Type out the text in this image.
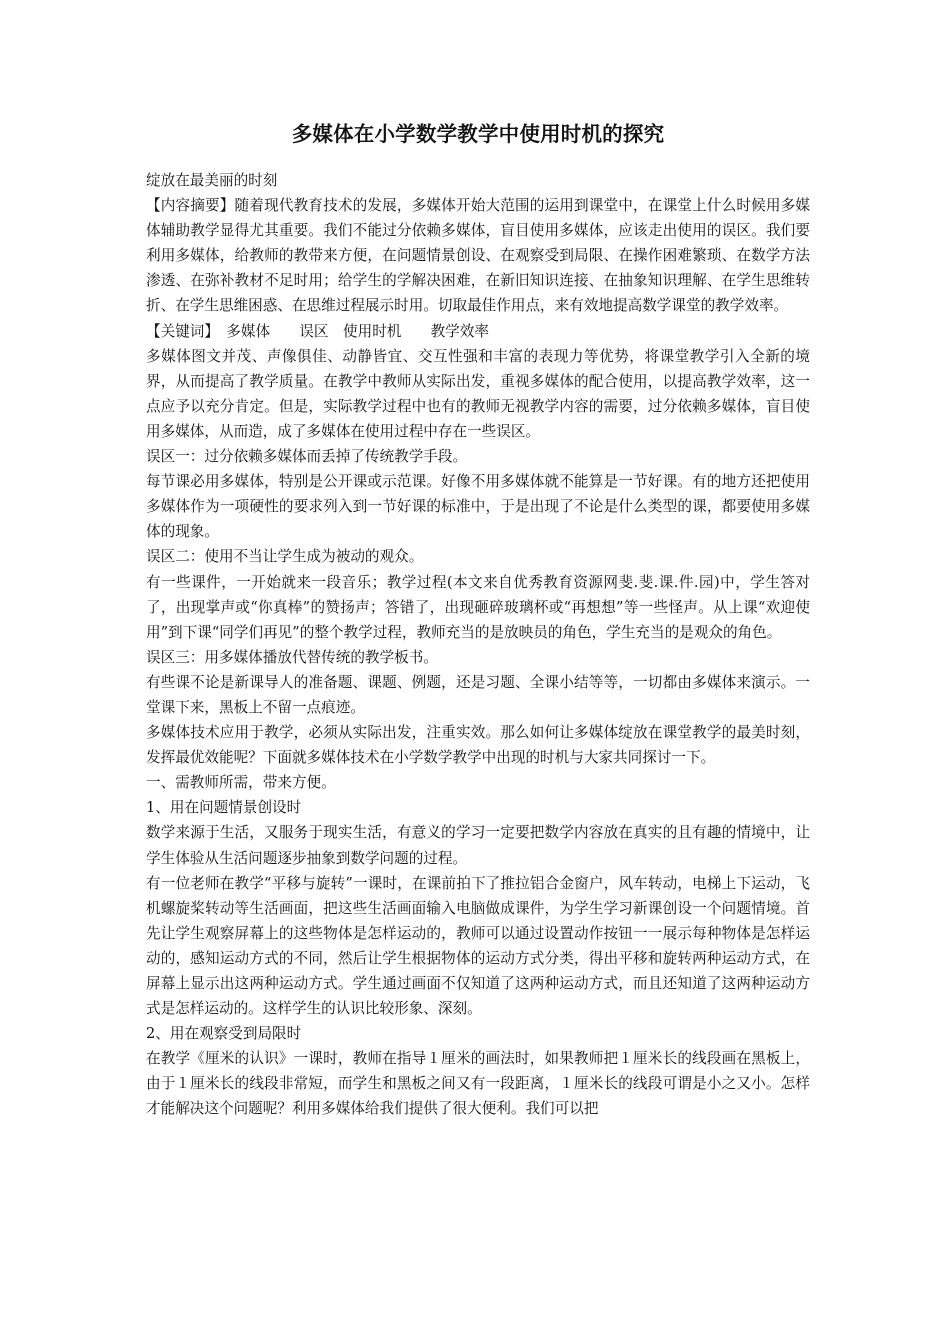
多媒体在小学数学教学中使用时机的探究

绽放在最美丽的时刻

【内容摘要】随着现代教育技术的发展，多媒体开始大范围的运用到课堂中，在课堂上什么时候用多媒体辅助教学显得尤其重要。我们不能过分依赖多媒体，盲目使用多媒体，应该走出使用的误区。我们要利用多媒体，给教师的教带来方便，在问题情景创设、在观察受到局限、在操作困难繁琐、在数学方法渗透、在弥补教材不足时用；给学生的学解决困难，在新旧知识连接、在抽象知识理解、在学生思维转折、在学生思维困惑、在思维过程展示时用。切取最佳作用点，来有效地提高数学课堂的教学效率。

【关键词】　多媒体　　误区　使用时机　　教学效率

多媒体图文并茂、声像俱佳、动静皆宜、交互性强和丰富的表现力等优势，将课堂教学引入全新的境界，从而提高了教学质量。在教学中教师从实际出发，重视多媒体的配合使用，以提高教学效率，这一点应予以充分肯定。但是，实际教学过程中也有的教师无视教学内容的需要，过分依赖多媒体，盲目使用多媒体，从而造，成了多媒体在使用过程中存在一些误区。

误区一：过分依赖多媒体而丢掉了传统教学手段。

每节课必用多媒体，特别是公开课或示范课。好像不用多媒体就不能算是一节好课。有的地方还把使用多媒体作为一项硬性的要求列入到一节好课的标准中，于是出现了不论是什么类型的课，都要使用多媒体的现象。

误区二：使用不当让学生成为被动的观众。

有一些课件，一开始就来一段音乐；教学过程(本文来自优秀教育资源网斐.斐.课.件.园)中，学生答对了，出现掌声或“你真棒”的赞扬声；答错了，出现砸碎玻璃杯或“再想想”等一些怪声。从上课“欢迎使用”到下课“同学们再见”的整个教学过程，教师充当的是放映员的角色，学生充当的是观众的角色。

误区三：用多媒体播放代替传统的教学板书。

有些课不论是新课导人的准备题、课题、例题，还是习题、全课小结等等，一切都由多媒体来演示。一堂课下来，黑板上不留一点痕迹。

多媒体技术应用于教学，必须从实际出发，注重实效。那么如何让多媒体绽放在课堂教学的最美时刻，发挥最优效能呢？下面就多媒体技术在小学数学教学中出现的时机与大家共同探讨一下。

一、需教师所需，带来方便。

1、用在问题情景创设时

数学来源于生活，又服务于现实生活，有意义的学习一定要把数学内容放在真实的且有趣的情境中，让学生体验从生活问题逐步抽象到数学问题的过程。

有一位老师在教学“平移与旋转”一课时，在课前拍下了推拉铝合金窗户，风车转动，电梯上下运动，飞机螺旋桨转动等生活画面，把这些生活画面输入电脑做成课件，为学生学习新课创设一个问题情境。首先让学生观察屏幕上的这些物体是怎样运动的，教师可以通过设置动作按钮一一展示每种物体是怎样运动的，感知运动方式的不同，然后让学生根据物体的运动方式分类，得出平移和旋转两种运动方式，在屏幕上显示出这两种运动方式。学生通过画面不仅知道了这两种运动方式，而且还知道了这两种运动方式是怎样运动的。这样学生的认识比较形象、深刻。

2、用在观察受到局限时

在教学《厘米的认识》一课时，教师在指导１厘米的画法时，如果教师把１厘米长的线段画在黑板上，由于１厘米长的线段非常短，而学生和黑板之间又有一段距离，１厘米长的线段可谓是小之又小。怎样才能解决这个问题呢？利用多媒体给我们提供了很大便利。我们可以把
